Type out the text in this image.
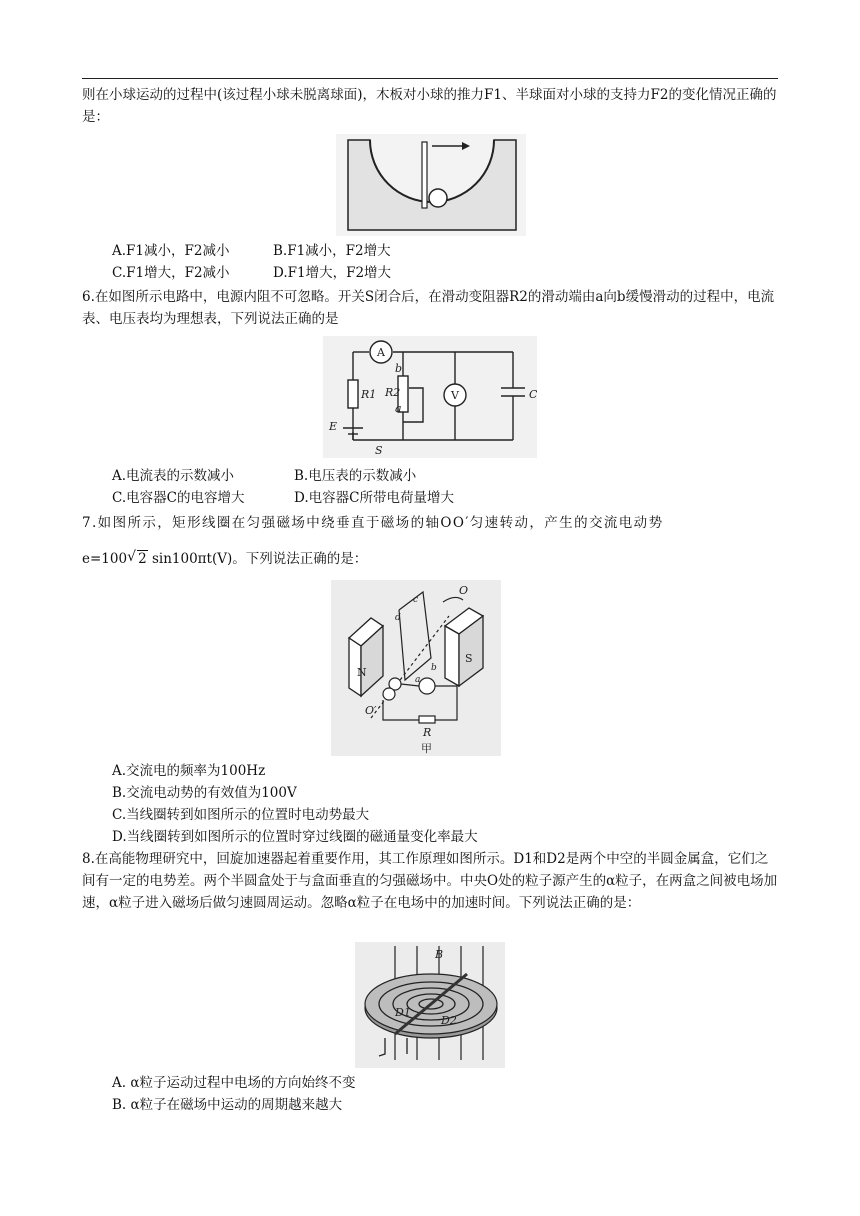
则在小球运动的过程中(该过程小球未脱离球面)，木板对小球的推力F1、半球面对小球的支持力F2的变化情况正确的是：
A.F1减小，F2减小	B.F1减小，F2增大
C.F1增大，F2减小	D.F1增大，F2增大
6.在如图所示电路中，电源内阻不可忽略。开关S闭合后，在滑动变阻器R2的滑动端由a向b缓慢滑动的过程中，电流表、电压表均为理想表，下列说法正确的是
A
R1 R2
b
a
V	C
E
S
A.电流表的示数减小	B.电压表的示数减小
C.电容器C的电容增大	D.电容器C所带电荷量增大
7.如图所示，矩形线圈在匀强磁场中绕垂直于磁场的轴OO′匀速转动，产生的交流电动势
e=100 √ 2 sin100πt(V)。下列说法正确的是：
N
S
O
O′
R
甲
c
d
b
a
A.交流电的频率为100Hz
B.交流电动势的有效值为100V
C.当线圈转到如图所示的位置时电动势最大
D.当线圈转到如图所示的位置时穿过线圈的磁通量变化率最大
8.在高能物理研究中，回旋加速器起着重要作用，其工作原理如图所示。D1和D2是两个中空的半圆金属盒，它们之间有一定的电势差。两个半圆盒处于与盒面垂直的匀强磁场中。中央O处的粒子源产生的α粒子，在两盒之间被电场加速，α粒子进入磁场后做匀速圆周运动。忽略α粒子在电场中的加速时间。下列说法正确的是：
B
D1
D2
A. α粒子运动过程中电场的方向始终不变
B. α粒子在磁场中运动的周期越来越大
